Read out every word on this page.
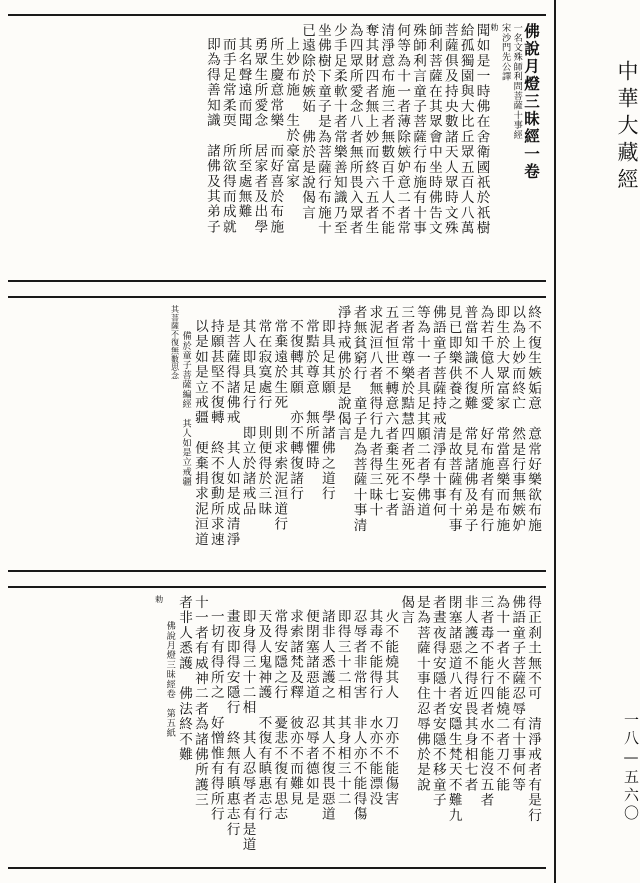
佛說月燈三昧經一卷
一名文殊師利問菩薩十事經
宋沙門先公譯
勅
聞如是一時佛在舍衛國祇於祇樹
給孤獨園與大比丘眾五百人八萬
菩薩俱及持央數諸天人眾時文殊
師利菩薩在其眾會中坐時佛告文
殊師利言童子菩薩行布施有十事
何等為十一者薄除嫉妒意二者常
清淨意布施三者無數百千人不能
奪其財四者無上妙而終六五者生
為四眾所愛念八者無所畏入眾者
少手足柔軟十者常樂善知識乃至
坐佛樹下童子是為菩薩行布施十
已遠除於嫉妬　佛於是說偈言
上妙布施　生於豪富家
所生慶意常樂　而好喜於布施
勇眾生所愛念　居家者及出學
其名聲遠而聞　所至處無難
而手足常柔耎　所欲得而成就
即為得善知識　諸佛及其弟子
終不復生嫉姤意　意常好樂欲布施
以為上妙而終亡　然是行事無嫉妒
即生於大眾富家　常當喜樂而布施
為若千億人所愛　好布施者有是行
普當知識不復難　常見諸佛及弟子
見已即樂供養之　是故菩薩有十事
佛語童子菩薩持戒清淨有十事何
等為十一者具足其願二者學佛道
三者常尊樂於黠慧四者死不妄語
五者恒世不轉意六者棄生死七者
求泥洹八者無得行九者得三昧十
者無貧窮行　童子是為菩薩十事清
淨持戒佛於是說偈言
即具足其願　學諸佛之道行
常黠於尊意　無所懼時
不復轉其願　亦不轉復諸行
常棄遠於生死　則求索泥洹道行
常在寂寞處行　則便得於三昧
其人即具足行　即立於諸戒品
是菩薩得諸佛戒　其人如是成清淨
持願甚堅不復轉　終不復動所求速
以是如是立戒疆　便棄捐求泥洹道
備於童子菩薩編經　其人如是立戒疆
其菩薩不復無數思念
得正刹土無不可　清淨戒者有是行
佛語童子菩薩忍辱有十事何等
為十一者火不能燒二者刀不能
三者毒不能行四者水不能沒五者
非人護之不得近畏其身相七者
閉塞諸惡道八者安隱生梵天不難九
者晝夜得安隱十者安隱不移童子
是為菩薩十事住忍辱佛於是說
偈言
火不能燒其人　刀亦不能傷害
其毒不能得行　水亦不能漂没
忍辱者非常害　非人亦不能得傷
即得三十二相　其身相三十二
諸非人悉護之　其人不復畏惡道
便閉塞諸惡道　忍辱者德如是
求索諸梵及釋　彼亦不而難見
常得安隱之行　憂悲不復有思志
天及人鬼神護　不復有瞋惠志行
即身得三十二相　其人忍辱者有是道
畫夜即得安隱行　終無有瞋惠志行
一切有得所之　好憎惟有得所行
十一者有威神二者為諸佛所護三
者非人悉護　佛法終不難
佛說月燈三昧經卷　第五紙
勅
中華大藏經
一八—五六〇
